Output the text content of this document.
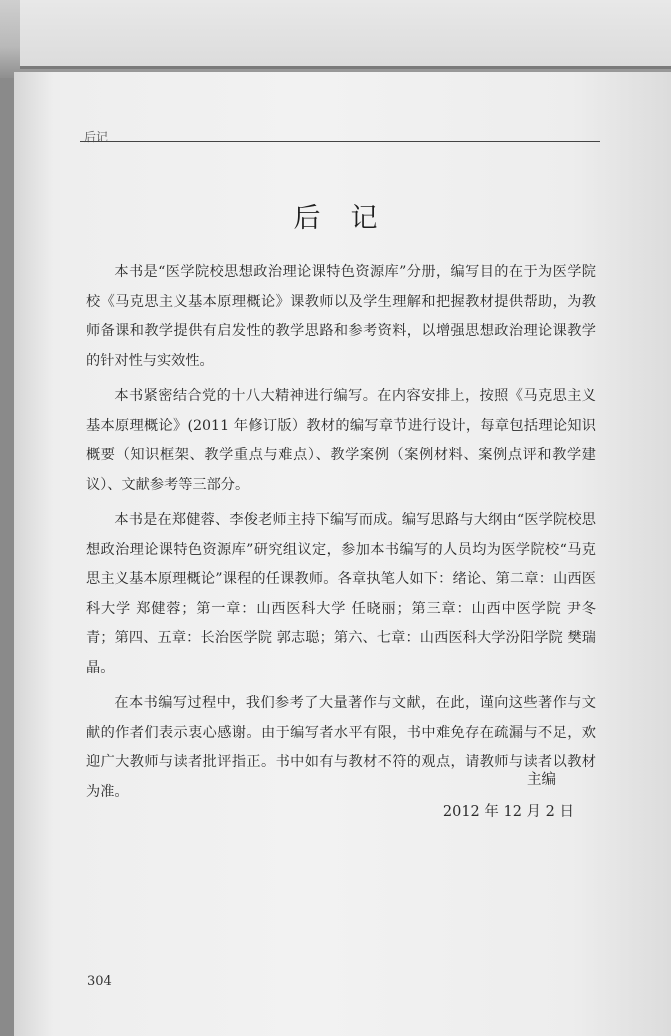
后记
后记

本书是“医学院校思想政治理论课特色资源库”分册，编写目的在于为医学院校《马克思主义基本原理概论》课教师以及学生理解和把握教材提供帮助，为教师备课和教学提供有启发性的教学思路和参考资料，以增强思想政治理论课教学的针对性与实效性。

本书紧密结合党的十八大精神进行编写。在内容安排上，按照《马克思主义基本原理概论》(2011 年修订版）教材的编写章节进行设计，每章包括理论知识概要（知识框架、教学重点与难点）、教学案例（案例材料、案例点评和教学建议）、文献参考等三部分。

本书是在郑健蓉、李俊老师主持下编写而成。编写思路与大纲由“医学院校思想政治理论课特色资源库”研究组议定，参加本书编写的人员均为医学院校“马克思主义基本原理概论”课程的任课教师。各章执笔人如下：绪论、第二章：山西医科大学 郑健蓉；第一章：山西医科大学 任晓丽；第三章：山西中医学院 尹冬青；第四、五章：长治医学院 郭志聪；第六、七章：山西医科大学汾阳学院 樊瑞晶。

在本书编写过程中，我们参考了大量著作与文献，在此，谨向这些著作与文献的作者们表示衷心感谢。由于编写者水平有限，书中难免存在疏漏与不足，欢迎广大教师与读者批评指正。书中如有与教材不符的观点，请教师与读者以教材为准。

主编
2012 年 12 月 2 日
304
